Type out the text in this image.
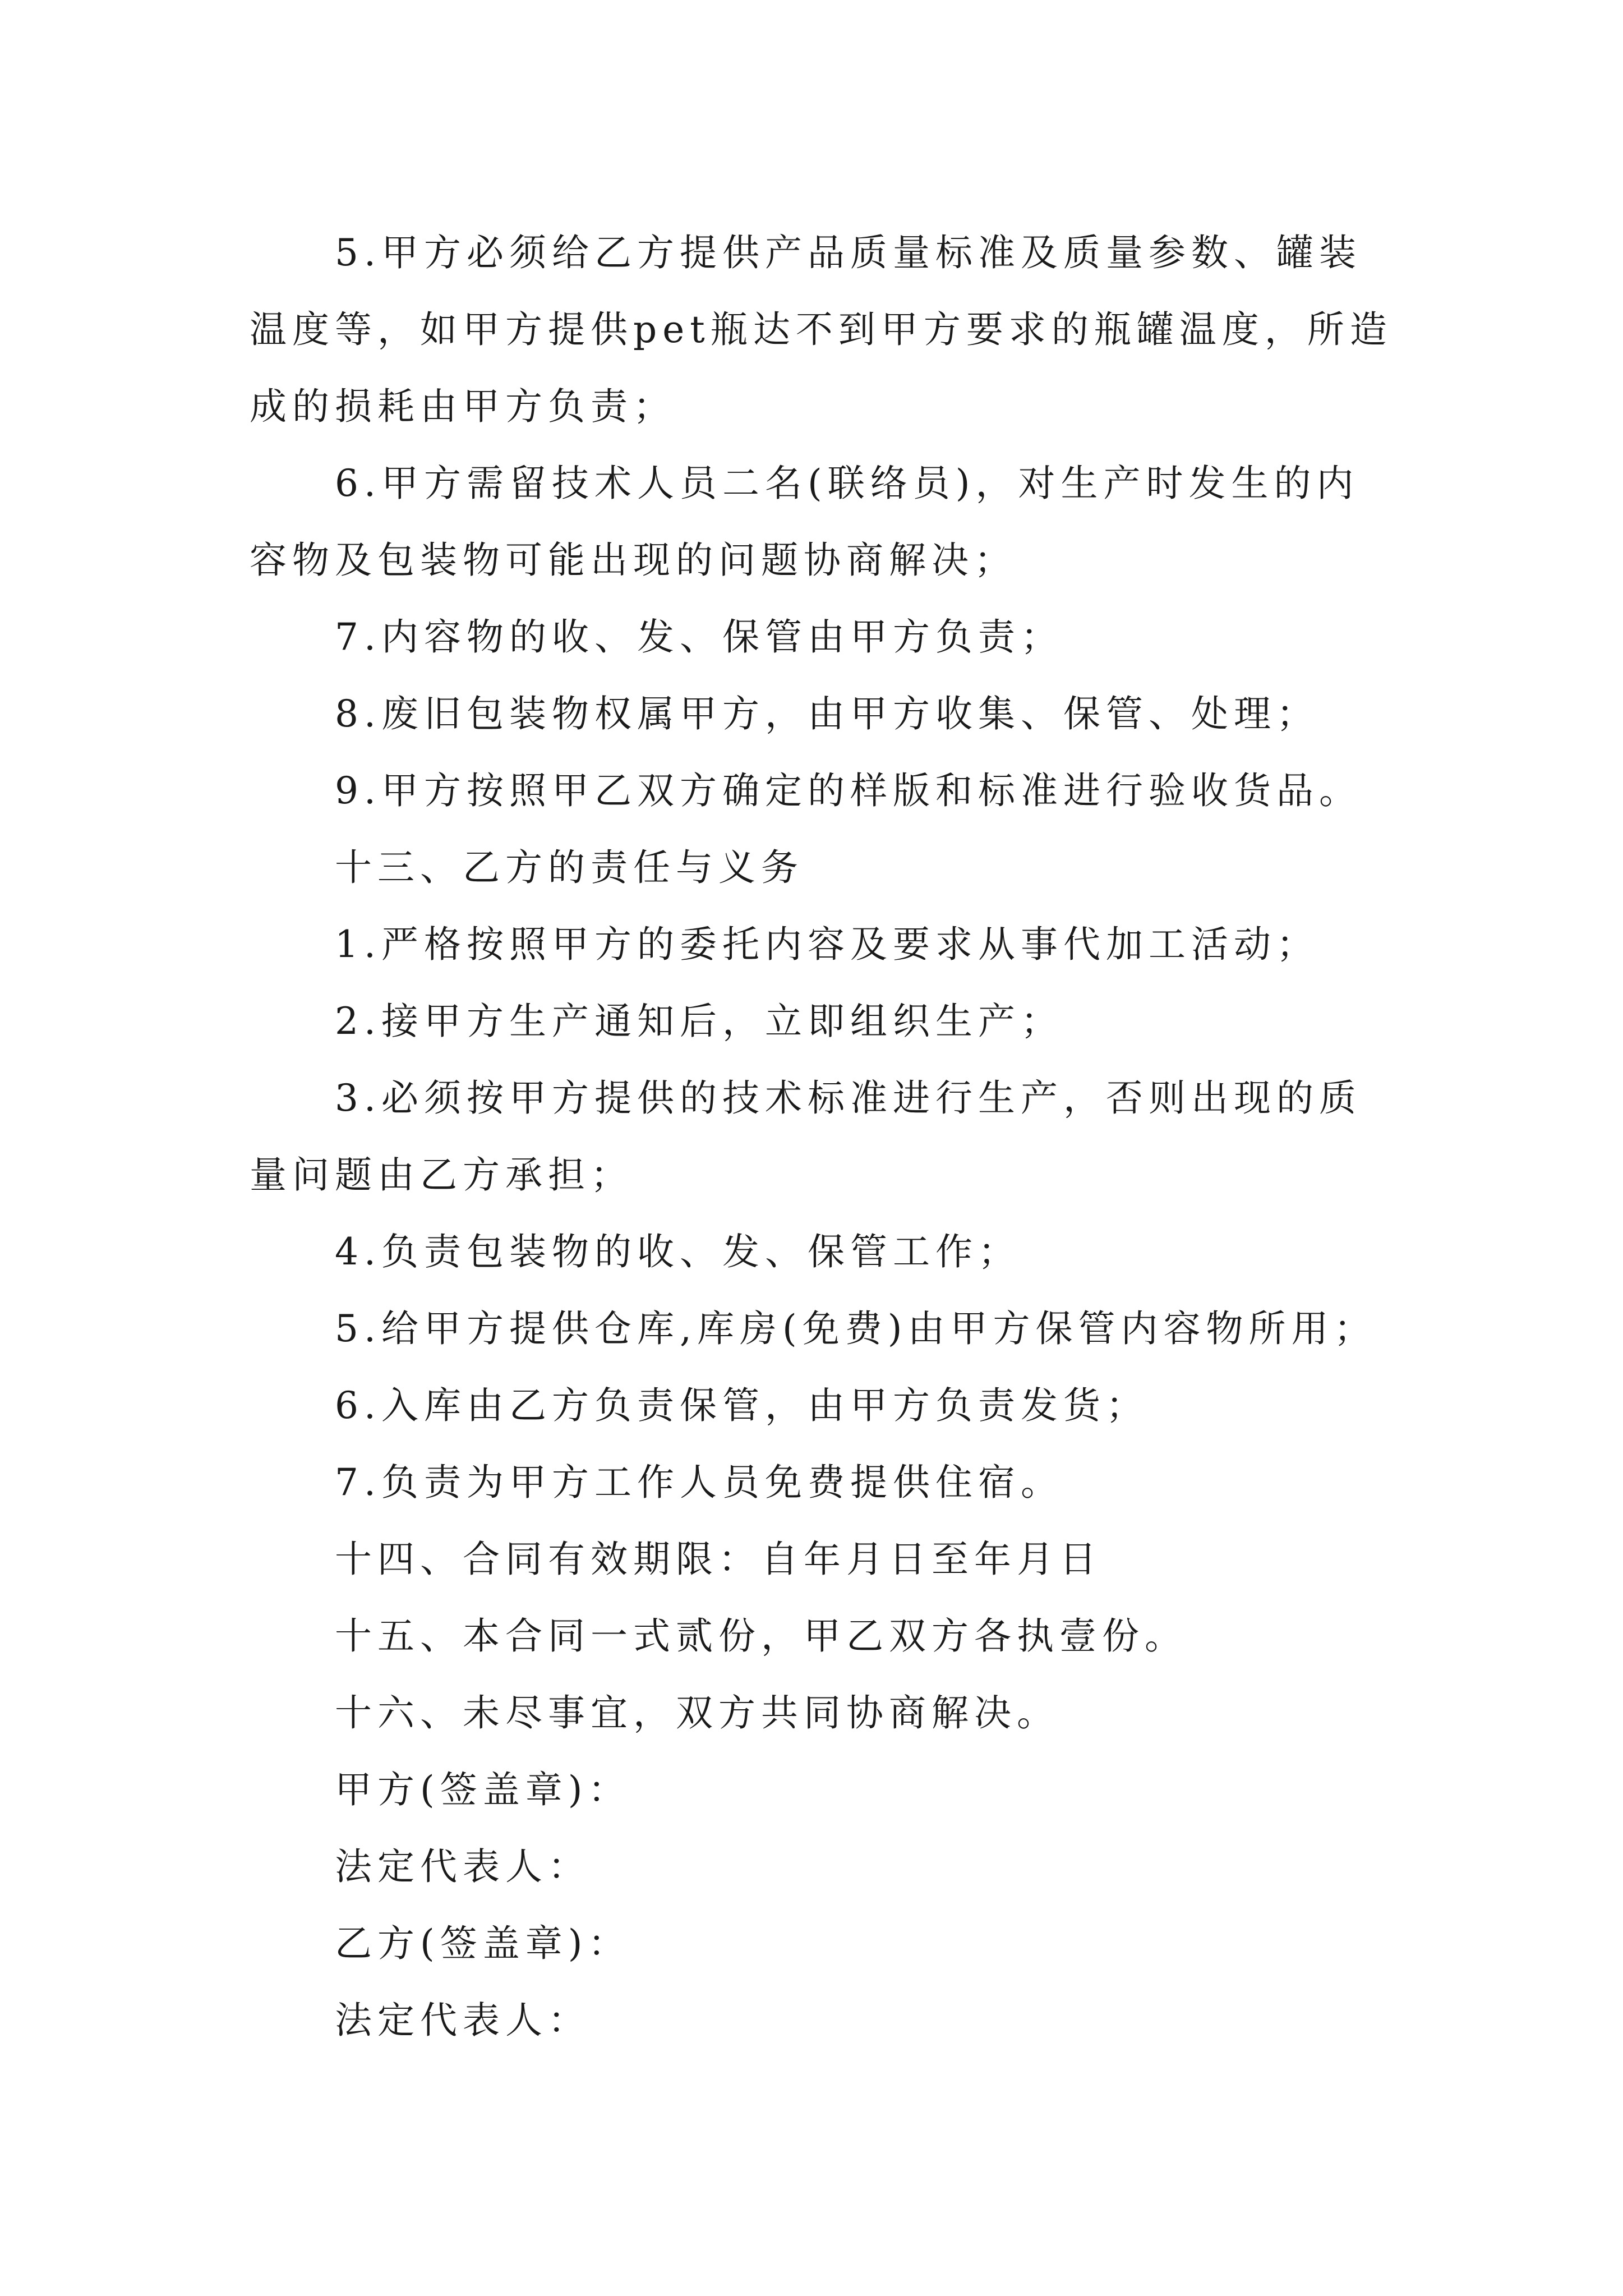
5.甲方必须给乙方提供产品质量标准及质量参数、罐装温度等，如甲方提供pet瓶达不到甲方要求的瓶罐温度，所造成的损耗由甲方负责；

6.甲方需留技术人员二名(联络员)，对生产时发生的内容物及包装物可能出现的问题协商解决；

7.内容物的收、发、保管由甲方负责；

8.废旧包装物权属甲方，由甲方收集、保管、处理；

9.甲方按照甲乙双方确定的样版和标准进行验收货品。

十三、乙方的责任与义务

1.严格按照甲方的委托内容及要求从事代加工活动；

2.接甲方生产通知后，立即组织生产；

3.必须按甲方提供的技术标准进行生产，否则出现的质量问题由乙方承担；

4.负责包装物的收、发、保管工作；

5.给甲方提供仓库,库房(免费)由甲方保管内容物所用；

6.入库由乙方负责保管，由甲方负责发货；

7.负责为甲方工作人员免费提供住宿。

十四、合同有效期限：自年月日至年月日

十五、本合同一式贰份，甲乙双方各执壹份。

十六、未尽事宜，双方共同协商解决。

甲方(签盖章)：

法定代表人：

乙方(签盖章)：

法定代表人：
